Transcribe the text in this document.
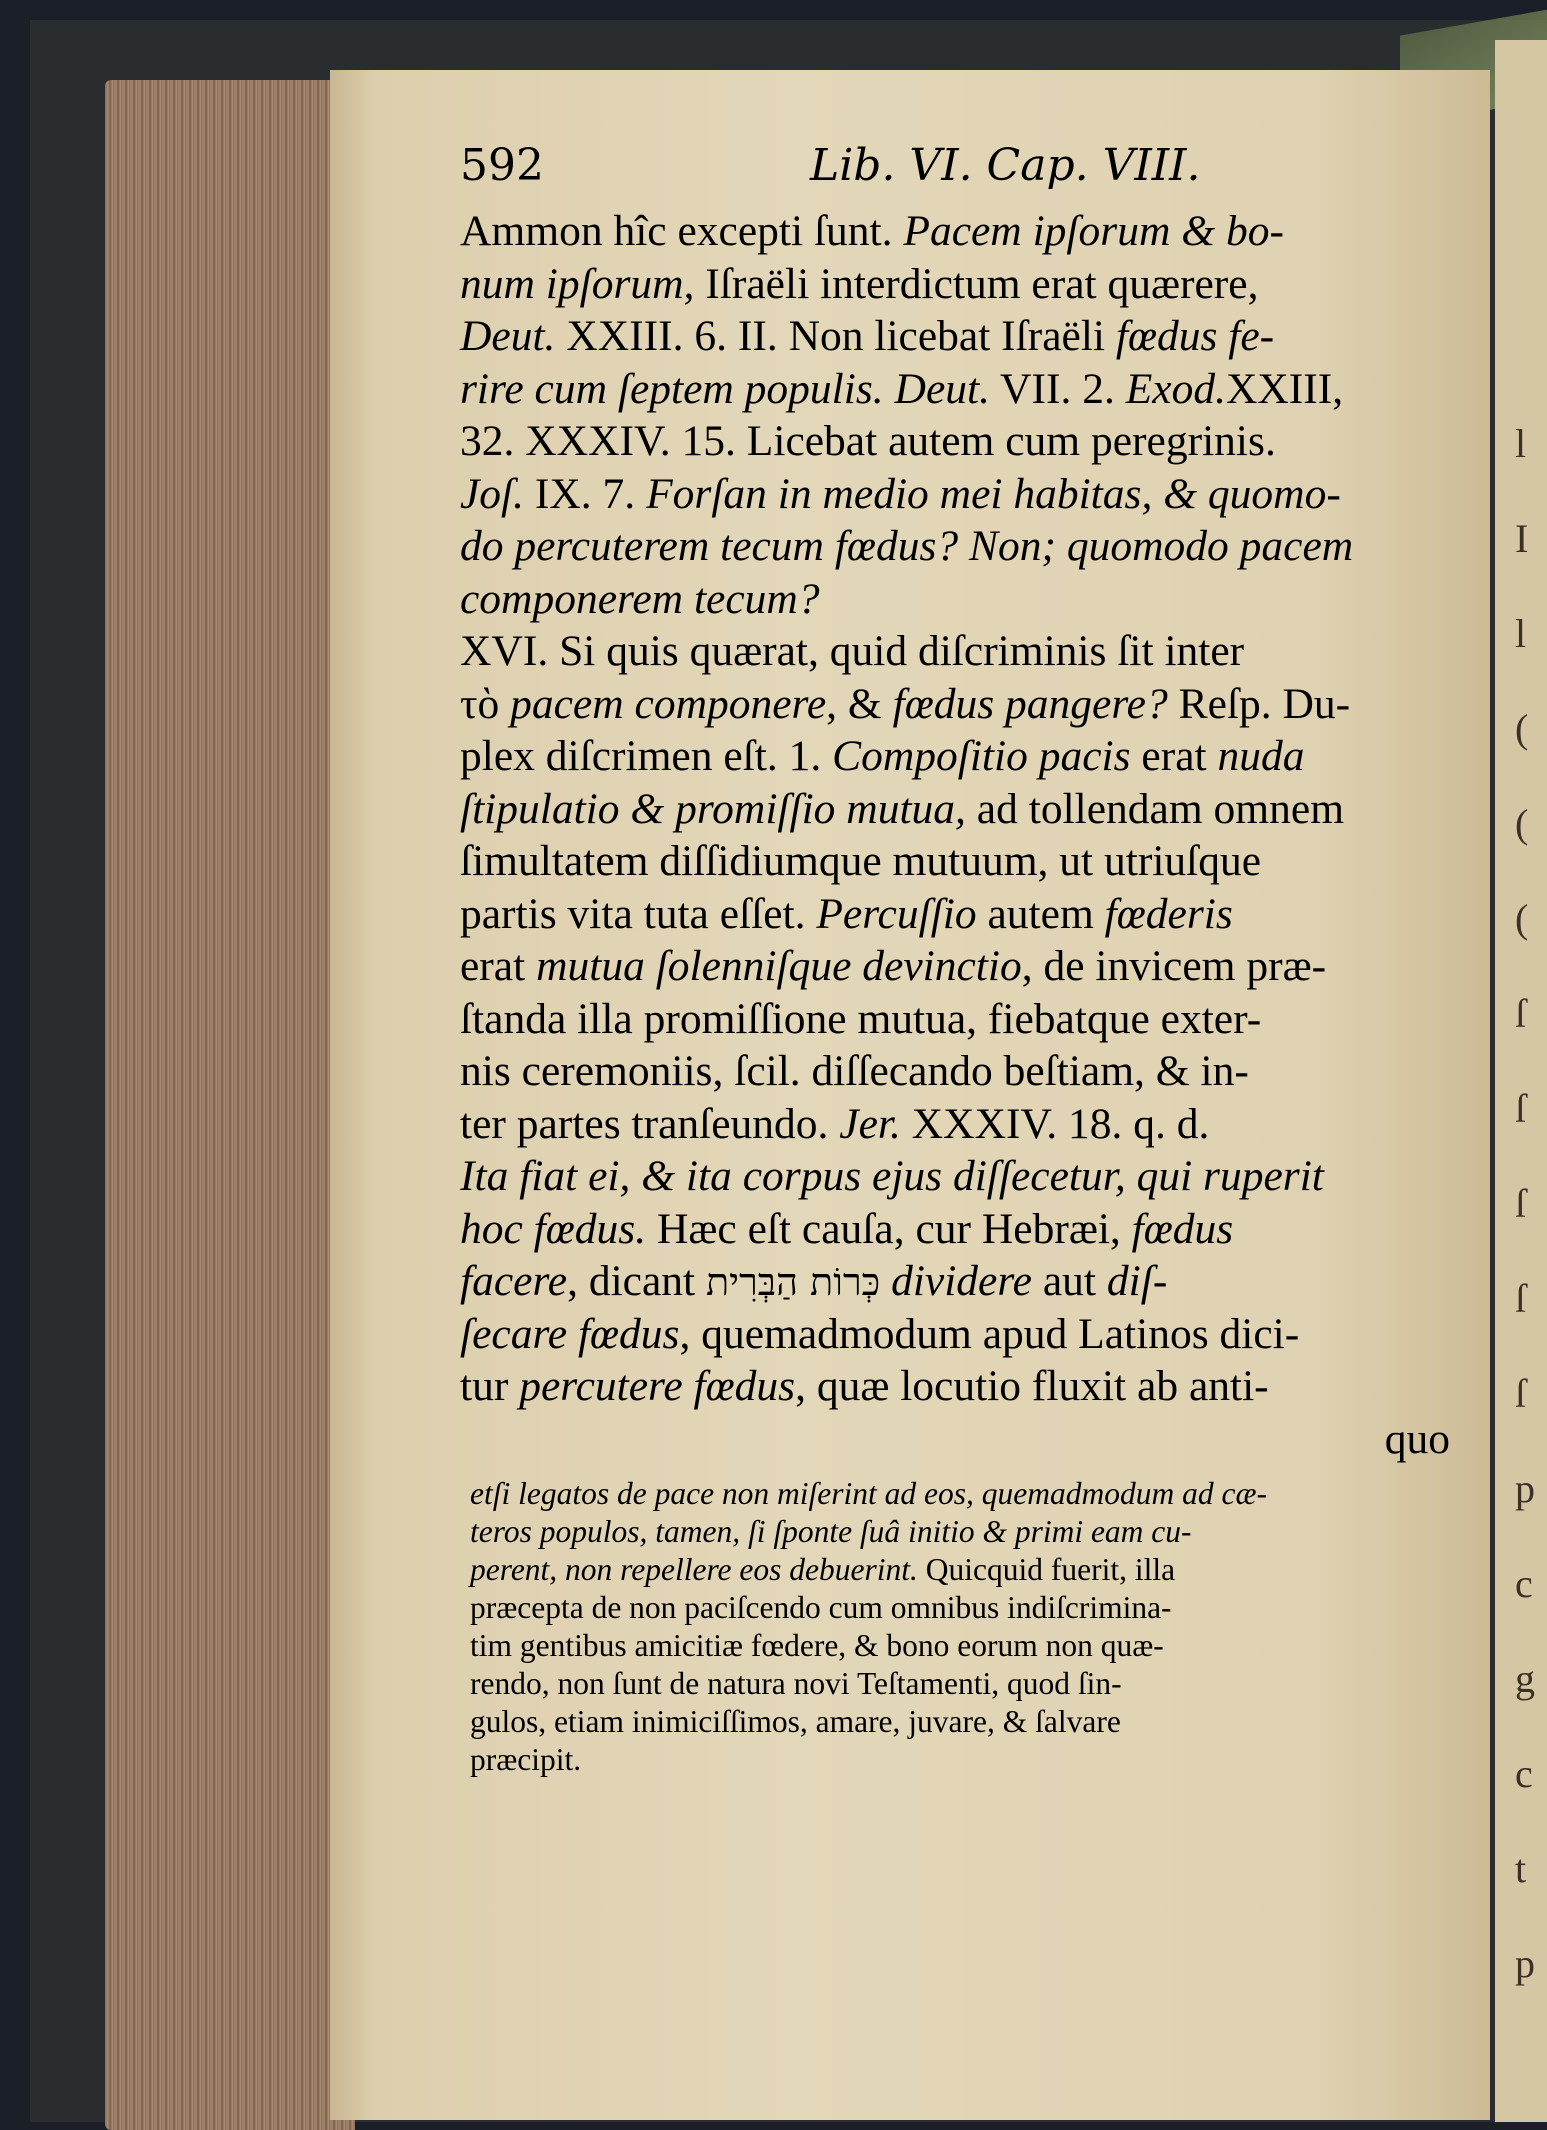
l
I
l
(
(
(
ſ
ſ
ſ
ſ
ſ
p
c
g
c
t
p
592	Lib. VI. Cap. VIII.
Ammon hîc excepti ſunt. Pacem ipſorum & bo-
num ipſorum, Iſraëli interdictum erat quærere,
Deut. XXIII. 6. II. Non licebat Iſraëli fœdus fe-
rire cum ſeptem populis. Deut. VII. 2. Exod.XXIII,
32. XXXIV. 15. Licebat autem cum peregrinis.
Joſ. IX. 7. Forſan in medio mei habitas, & quomo-
do percuterem tecum fœdus? Non; quomodo pacem
componerem tecum?
XVI. Si quis quærat, quid diſcriminis ſit inter
τὸ pacem componere, & fœdus pangere? Reſp. Du-
plex diſcrimen eſt. 1. Compoſitio pacis erat nuda
ſtipulatio & promiſſio mutua, ad tollendam omnem
ſimultatem diſſidiumque mutuum, ut utriuſque
partis vita tuta eſſet. Percuſſio autem fœderis
erat mutua ſolenniſque devinctio, de invicem præ-
ſtanda illa promiſſione mutua, fiebatque exter-
nis ceremoniis, ſcil. diſſecando beſtiam, & in-
ter partes tranſeundo. Jer. XXXIV. 18. q. d.
Ita fiat ei, & ita corpus ejus diſſecetur, qui ruperit
hoc fœdus. Hæc eſt cauſa, cur Hebræi, fœdus
facere, dicant כְּרוֹת הַבְּרִית dividere aut diſ-
ſecare fœdus, quemadmodum apud Latinos dici-
tur percutere fœdus, quæ locutio fluxit ab anti-
quo
etſi legatos de pace non miſerint ad eos, quemadmodum ad cæ-
teros populos, tamen, ſi ſponte ſuâ initio & primi eam cu-
perent, non repellere eos debuerint. Quicquid fuerit, illa
præcepta de non paciſcendo cum omnibus indiſcrimina-
tim gentibus amicitiæ fœdere, & bono eorum non quæ-
rendo, non ſunt de natura novi Teſtamenti, quod ſin-
gulos, etiam inimiciſſimos, amare, juvare, & ſalvare
præcipit.
